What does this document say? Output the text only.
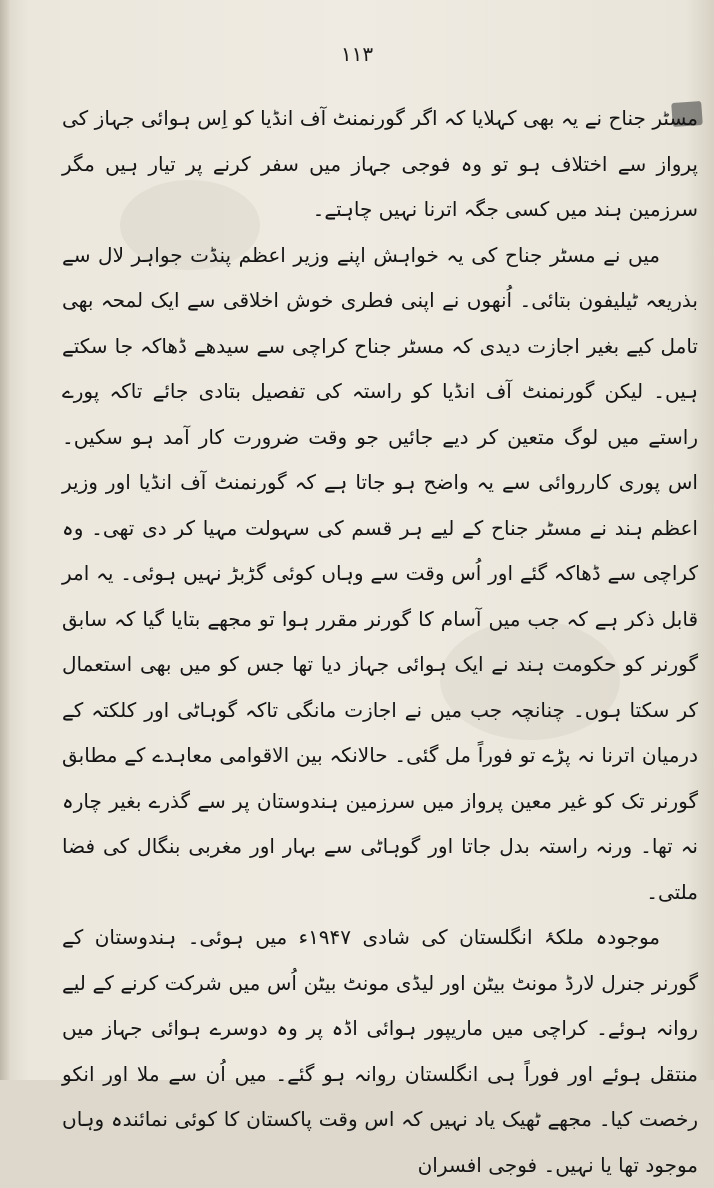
۱۱۳

مسٹر جناح نے یہ بھی کہلایا کہ اگر گورنمنٹ آف انڈیا کو اِس ہوائی جہاز کی پرواز سے اختلاف ہو تو وہ فوجی جہاز میں سفر کرنے پر تیار ہیں مگر سرزمین ہند میں کسی جگہ اترنا نہیں چاہتے۔

میں نے مسٹر جناح کی یہ خواہش اپنے وزیر اعظم پنڈت جواہر لال سے بذریعہ ٹیلیفون بتائی۔ اُنھوں نے اپنی فطری خوش اخلاقی سے ایک لمحہ بھی تامل کیے بغیر اجازت دیدی کہ مسٹر جناح کراچی سے سیدھے ڈھاکہ جا سکتے ہیں۔ لیکن گورنمنٹ آف انڈیا کو راستہ کی تفصیل بتادی جائے تاکہ پورے راستے میں لوگ متعین کر دیے جائیں جو وقت ضرورت کار آمد ہو سکیں۔ اس پوری کارروائی سے یہ واضح ہو جاتا ہے کہ گورنمنٹ آف انڈیا اور وزیر اعظم ہند نے مسٹر جناح کے لیے ہر قسم کی سہولت مہیا کر دی تھی۔ وہ کراچی سے ڈھاکہ گئے اور اُس وقت سے وہاں کوئی گڑبڑ نہیں ہوئی۔ یہ امر قابل ذکر ہے کہ جب میں آسام کا گورنر مقرر ہوا تو مجھے بتایا گیا کہ سابق گورنر کو حکومت ہند نے ایک ہوائی جہاز دیا تھا جس کو میں بھی استعمال کر سکتا ہوں۔ چنانچہ جب میں نے اجازت مانگی تاکہ گوہاٹی اور کلکتہ کے درمیان اترنا نہ پڑے تو فوراً مل گئی۔ حالانکہ بین الاقوامی معاہدے کے مطابق گورنر تک کو غیر معین پرواز میں سرزمین ہندوستان پر سے گذرے بغیر چارہ نہ تھا۔ ورنہ راستہ بدل جاتا اور گوہاٹی سے بہار اور مغربی بنگال کی فضا ملتی۔

موجودہ ملکۂ انگلستان کی شادی ۱۹۴۷ء میں ہوئی۔ ہندوستان کے گورنر جنرل لارڈ مونٹ بیٹن اور لیڈی مونٹ بیٹن اُس میں شرکت کرنے کے لیے روانہ ہوئے۔ کراچی میں ماریپور ہوائی اڈہ پر وہ دوسرے ہوائی جہاز میں منتقل ہوئے اور فوراً ہی انگلستان روانہ ہو گئے۔ میں اُن سے ملا اور انکو رخصت کیا۔ مجھے ٹھیک یاد نہیں کہ اس وقت پاکستان کا کوئی نمائندہ وہاں موجود تھا یا نہیں۔ فوجی افسران
